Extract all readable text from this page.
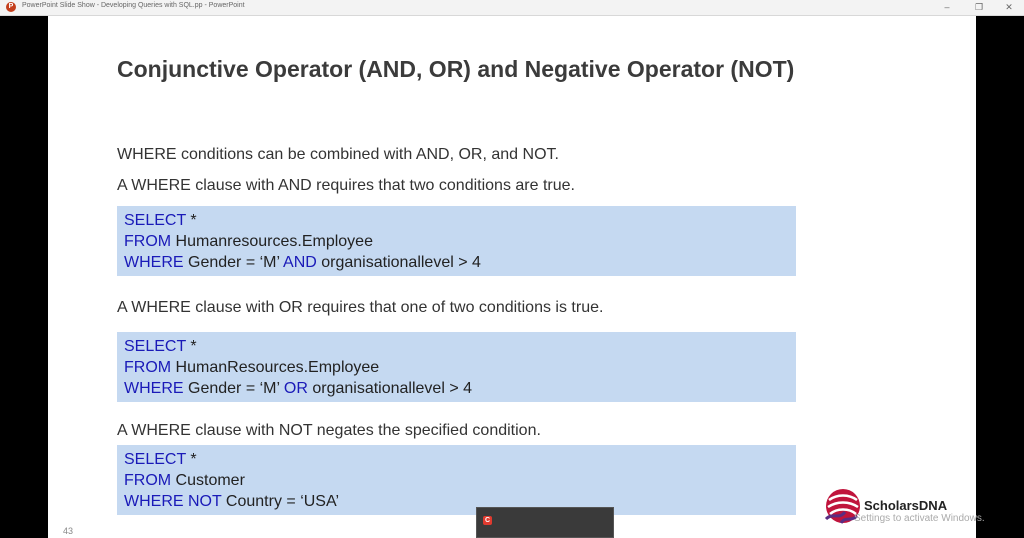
P	PowerPoint Slide Show - Developing Queries with SQL.pp - PowerPoint	–	❐	✕
Conjunctive Operator (AND, OR) and Negative Operator (NOT)
WHERE conditions can be combined with AND, OR, and NOT.
A WHERE clause with AND requires that two conditions are true.
SELECT *
FROM Humanresources.Employee
WHERE Gender = ‘M’ AND organisationallevel > 4
A WHERE clause with OR requires that one of two conditions is true.
SELECT *
FROM HumanResources.Employee
WHERE Gender = ‘M’ OR organisationallevel > 4
A WHERE clause with NOT negates the specified condition.
SELECT *
FROM Customer
WHERE NOT Country = ‘USA’
43
ScholarsDNA
Settings to activate Windows.
C
